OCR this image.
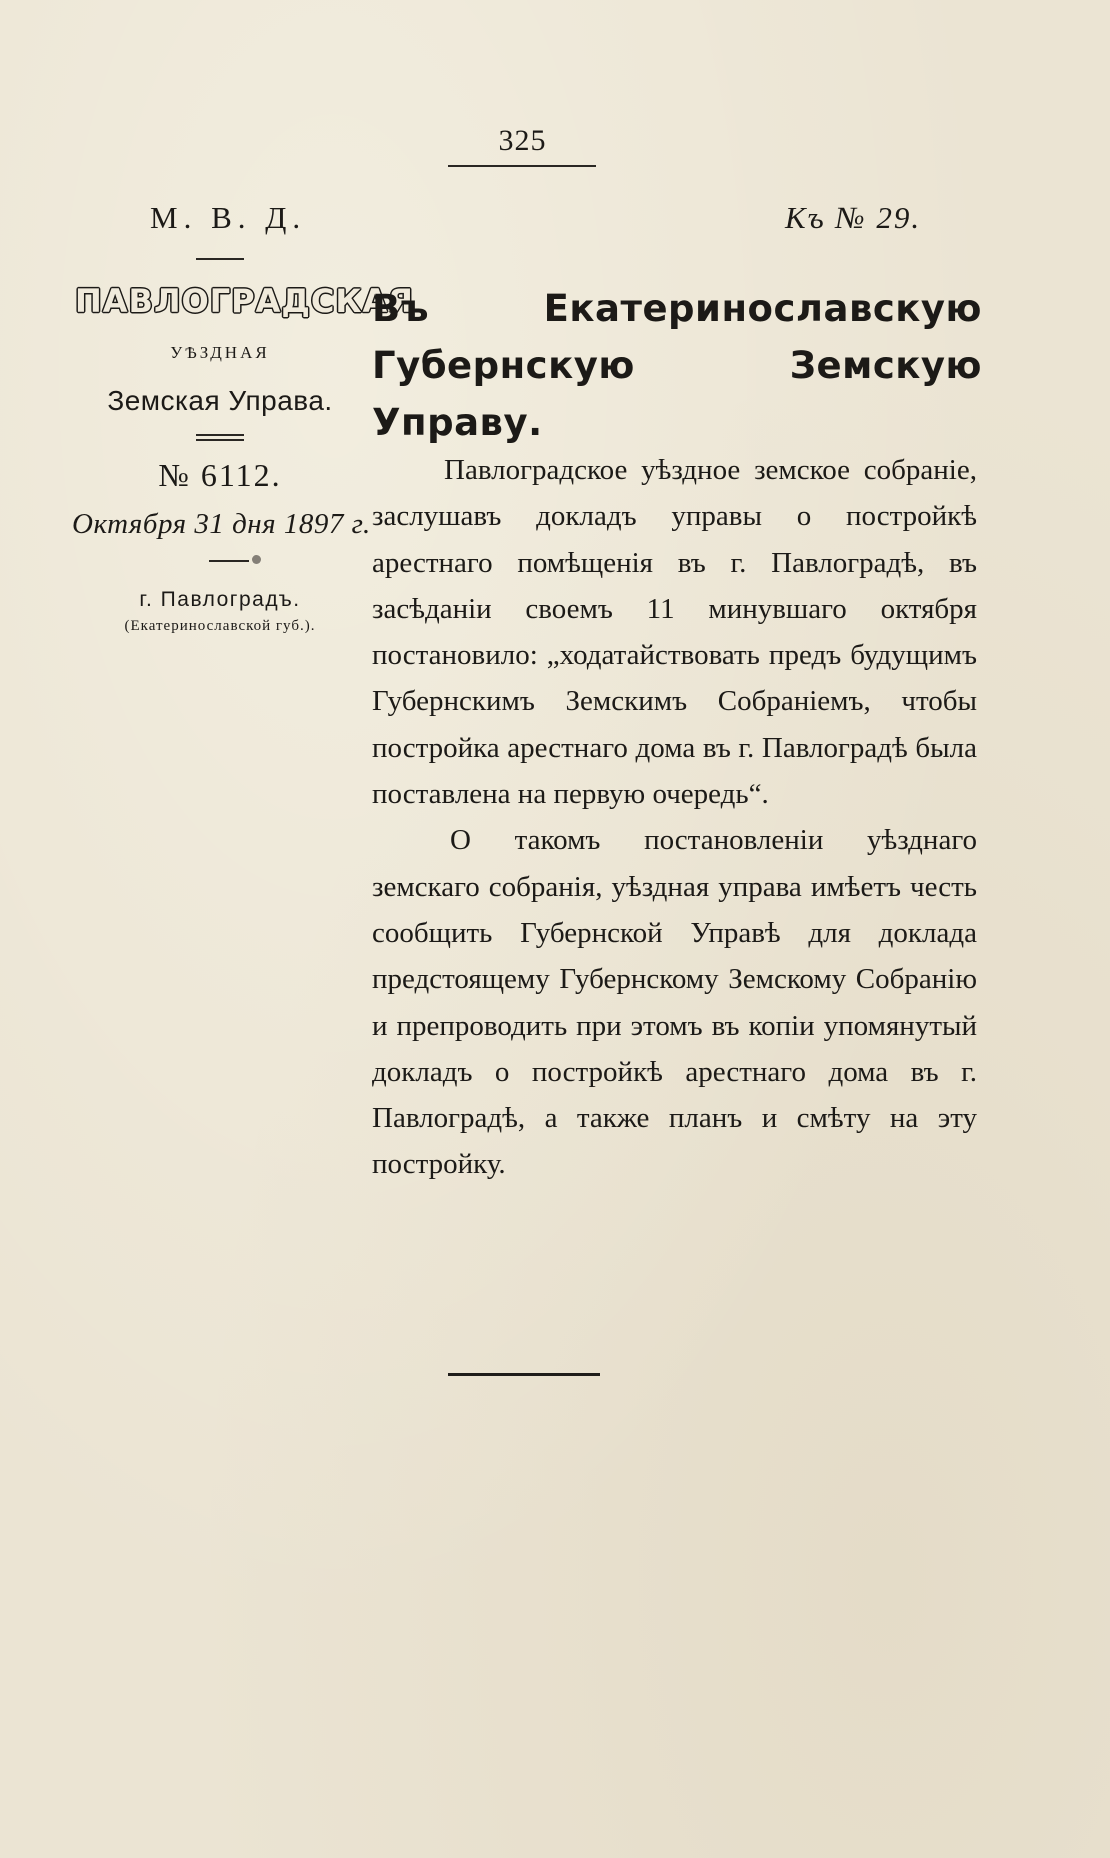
325
М. В. Д.	Къ № 29.
ПАВЛОГРАДСКАЯ
УѢЗДНАЯ
Земская Управа.
№ 6112.
Октября 31 дня 1897 г.
г. Павлоградъ.
(Екатеринославской губ.).
Въ Екатеринославскую Губернскую Земскую Управу.

Павлоградское уѣздное земское собраніе, заслушавъ докладъ управы о постройкѣ арестнаго помѣщенія въ г. Павлоградѣ, въ засѣданіи своемъ 11 минувшаго октября постановило: „ходатайствовать предъ будущимъ Губернскимъ Земскимъ Собраніемъ, чтобы постройка арестнаго дома въ г. Павлоградѣ была поставлена на первую очередь“.

О такомъ постановленіи уѣзднаго земскаго собранія, уѣздная управа имѣетъ честь сообщить Губернской Управѣ для доклада предстоящему Губернскому Земскому Собранію и препроводить при этомъ въ копіи упомянутый докладъ о постройкѣ арестнаго дома въ г. Павлоградѣ, а также планъ и смѣту на эту постройку.
